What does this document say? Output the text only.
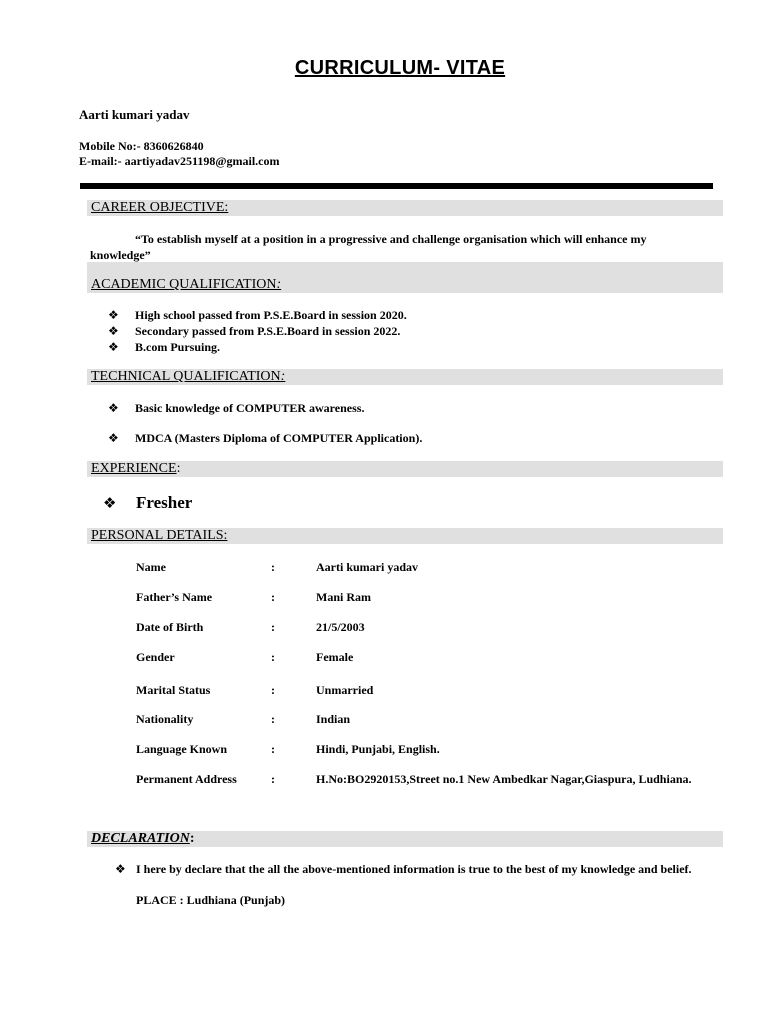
CURRICULUM- VITAE
Aarti kumari yadav
Mobile No:- 8360626840
E-mail:- aartiyadav251198@gmail.com
CAREER OBJECTIVE:
“To establish myself at a position in a progressive and challenge organisation which will enhance my knowledge”
ACADEMIC QUALIFICATION:
❖ High school passed from P.S.E.Board in session 2020.
❖ Secondary passed from P.S.E.Board in session 2022.
❖ B.com Pursuing.
TECHNICAL QUALIFICATION:
❖ Basic knowledge of COMPUTER awareness.
❖ MDCA (Masters Diploma of COMPUTER Application).
EXPERIENCE:
❖ Fresher
PERSONAL DETAILS:
Name	:	Aarti kumari yadav
Father’s Name	:	Mani Ram
Date of Birth	:	21/5/2003
Gender	:	Female
Marital Status	:	Unmarried
Nationality	:	Indian
Language Known	:	Hindi, Punjabi, English.
Permanent Address	:	H.No:BO2920153,Street no.1 New Ambedkar Nagar,Giaspura, Ludhiana.
DECLARATION:
❖ I here by declare that the all the above-mentioned information is true to the best of my knowledge and belief.
PLACE : Ludhiana (Punjab)
